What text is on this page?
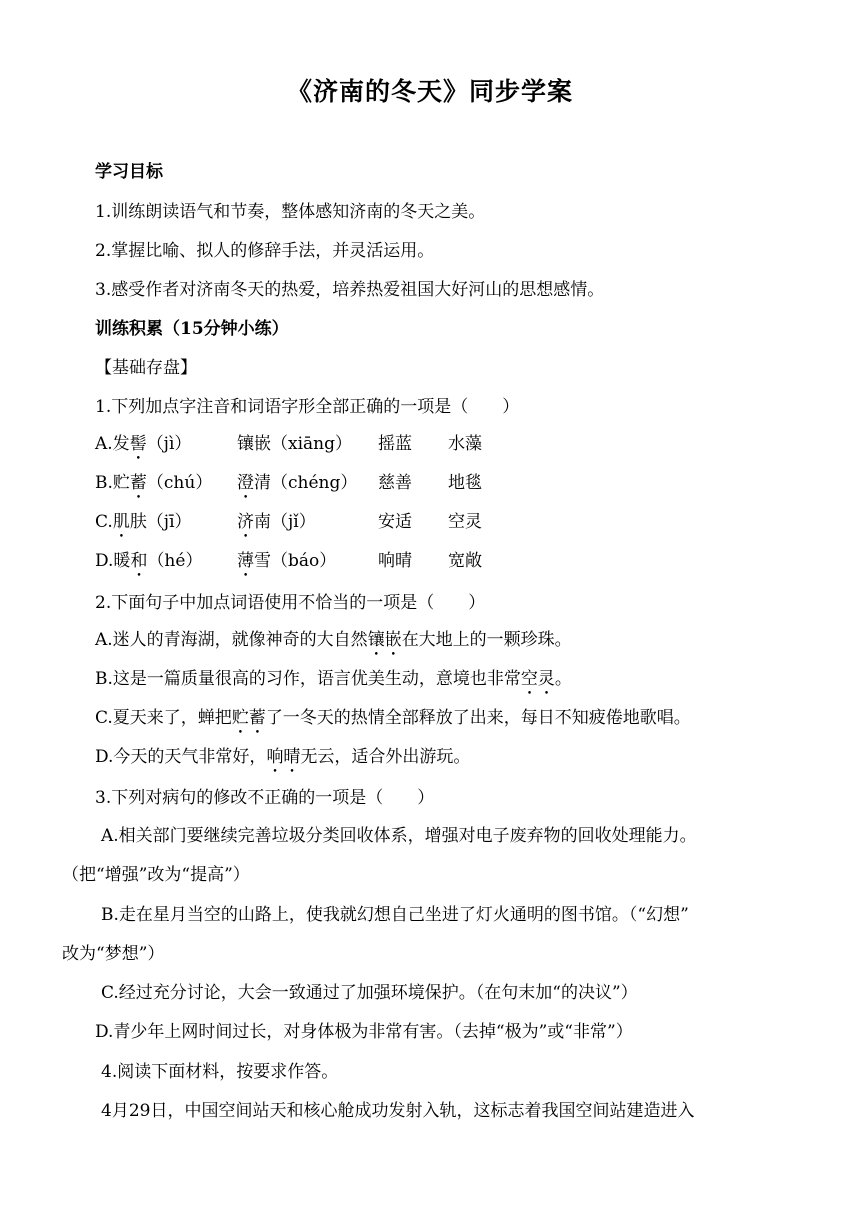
《济南的冬天》同步学案
学习目标
1.训练朗读语气和节奏，整体感知济南的冬天之美。
2.掌握比喻、拟人的修辞手法，并灵活运用。
3.感受作者对济南冬天的热爱，培养热爱祖国大好河山的思想感情。
训练积累（15分钟小练）
【基础存盘】
1.下列加点字注音和词语字形全部正确的一项是（　　）
A.发髻（jì）	镶嵌（xiāng） 摇蓝 水藻
B.贮蓄（chú） 澄清（chéng） 慈善 地毯
C.肌肤（jī）	济南（jǐ）	安适 空灵
D.暖和（hé） 薄雪（báo） 响晴 宽敞
2.下面句子中加点词语使用不恰当的一项是（　　）
A.迷人的青海湖，就像神奇的大自然镶嵌在大地上的一颗珍珠。
B.这是一篇质量很高的习作，语言优美生动，意境也非常空灵。
C.夏天来了，蝉把贮蓄了一冬天的热情全部释放了出来，每日不知疲倦地歌唱。
D.今天的天气非常好，响晴无云，适合外出游玩。
3.下列对病句的修改不正确的一项是（　　）
A.相关部门要继续完善垃圾分类回收体系，增强对电子废弃物的回收处理能力。
（把“增强”改为“提高”）
B.走在星月当空的山路上，使我就幻想自己坐进了灯火通明的图书馆。（“幻想”
改为“梦想”）
C.经过充分讨论，大会一致通过了加强环境保护。（在句末加“的决议”）
D.青少年上网时间过长，对身体极为非常有害。（去掉“极为”或“非常”）
4.阅读下面材料，按要求作答。
4月29日，中国空间站天和核心舱成功发射入轨，这标志着我国空间站建造进入
